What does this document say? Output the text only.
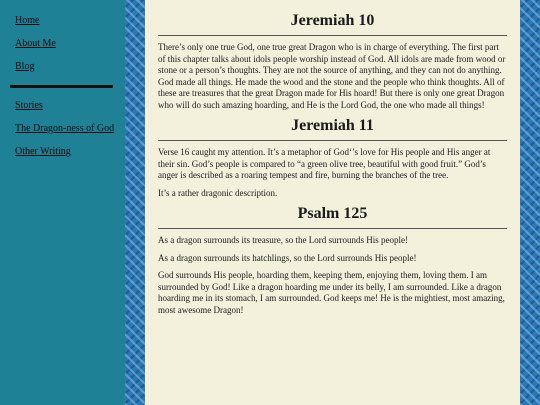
Home
About Me
Blog
Stories
The Dragon-ness of God
Other Writing
Jeremiah 10

There’s only one true God, one true great Dragon who is in charge of everything. The first part of this chapter talks about idols people worship instead of God. All idols are made from wood or stone or a person’s thoughts. They are not the source of anything, and they can not do anything. God made all things. He made the wood and the stone and the people who think thoughts. All of these are treasures that the great Dragon made for His hoard! But there is only one great Dragon who will do such amazing hoarding, and He is the Lord God, the one who made all things!

Jeremiah 11

Verse 16 caught my attention. It’s a metaphor of God‘’s love for His people and His anger at their sin. God’s people is compared to “a green olive tree, beautiful with good fruit.” God’s anger is described as a roaring tempest and fire, burning the branches of the tree.

It’s a rather dragonic description.

Psalm 125

As a dragon surrounds its treasure, so the Lord surrounds His people!

As a dragon surrounds its hatchlings, so the Lord surrounds His people!

God surrounds His people, hoarding them, keeping them, enjoying them, loving them. I am surrounded by God! Like a dragon hoarding me under its belly, I am surrounded. Like a dragon hoarding me in its stomach, I am surrounded. God keeps me! He is the mightiest, most amazing, most awesome Dragon!
